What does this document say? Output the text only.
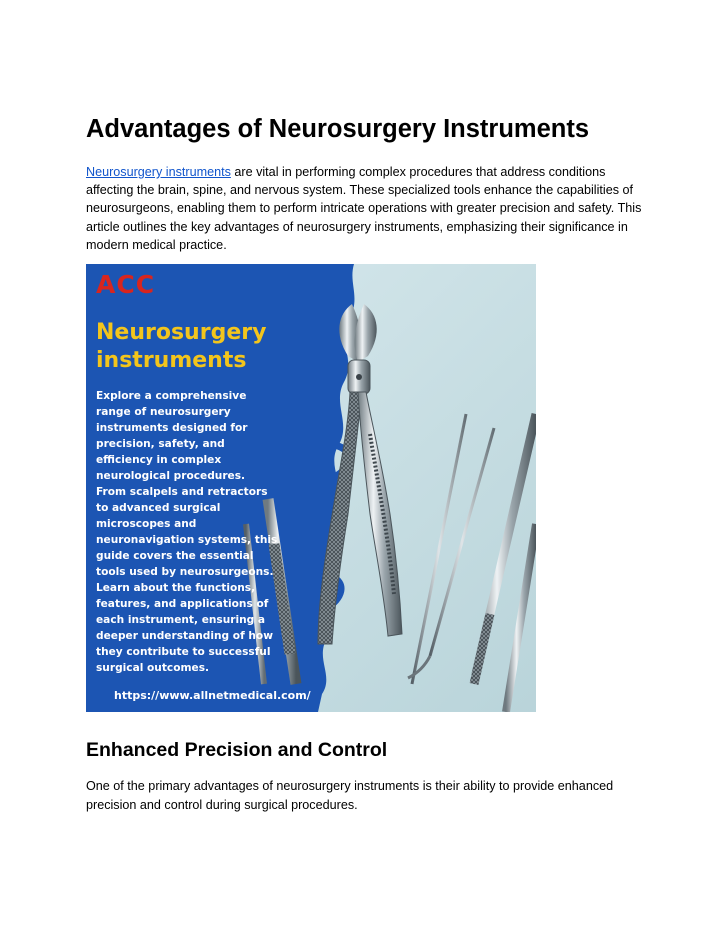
Advantages of Neurosurgery Instruments

Neurosurgery instruments are vital in performing complex procedures that address conditions affecting the brain, spine, and nervous system. These specialized tools enhance the capabilities of neurosurgeons, enabling them to perform intricate operations with greater precision and safety. This article outlines the key advantages of neurosurgery instruments, emphasizing their significance in modern medical practice.

ACC
Neurosurgery
instruments
Explore a comprehensive
range of neurosurgery
instruments designed for
precision, safety, and
efficiency in complex
neurological procedures.
From scalpels and retractors
to advanced surgical
microscopes and
neuronavigation systems, this
guide covers the essential
tools used by neurosurgeons.
Learn about the functions,
features, and applications of
each instrument, ensuring a
deeper understanding of how
they contribute to successful
surgical outcomes.
https://www.allnetmedical.com/
Enhanced Precision and Control

One of the primary advantages of neurosurgery instruments is their ability to provide enhanced precision and control during surgical procedures.
